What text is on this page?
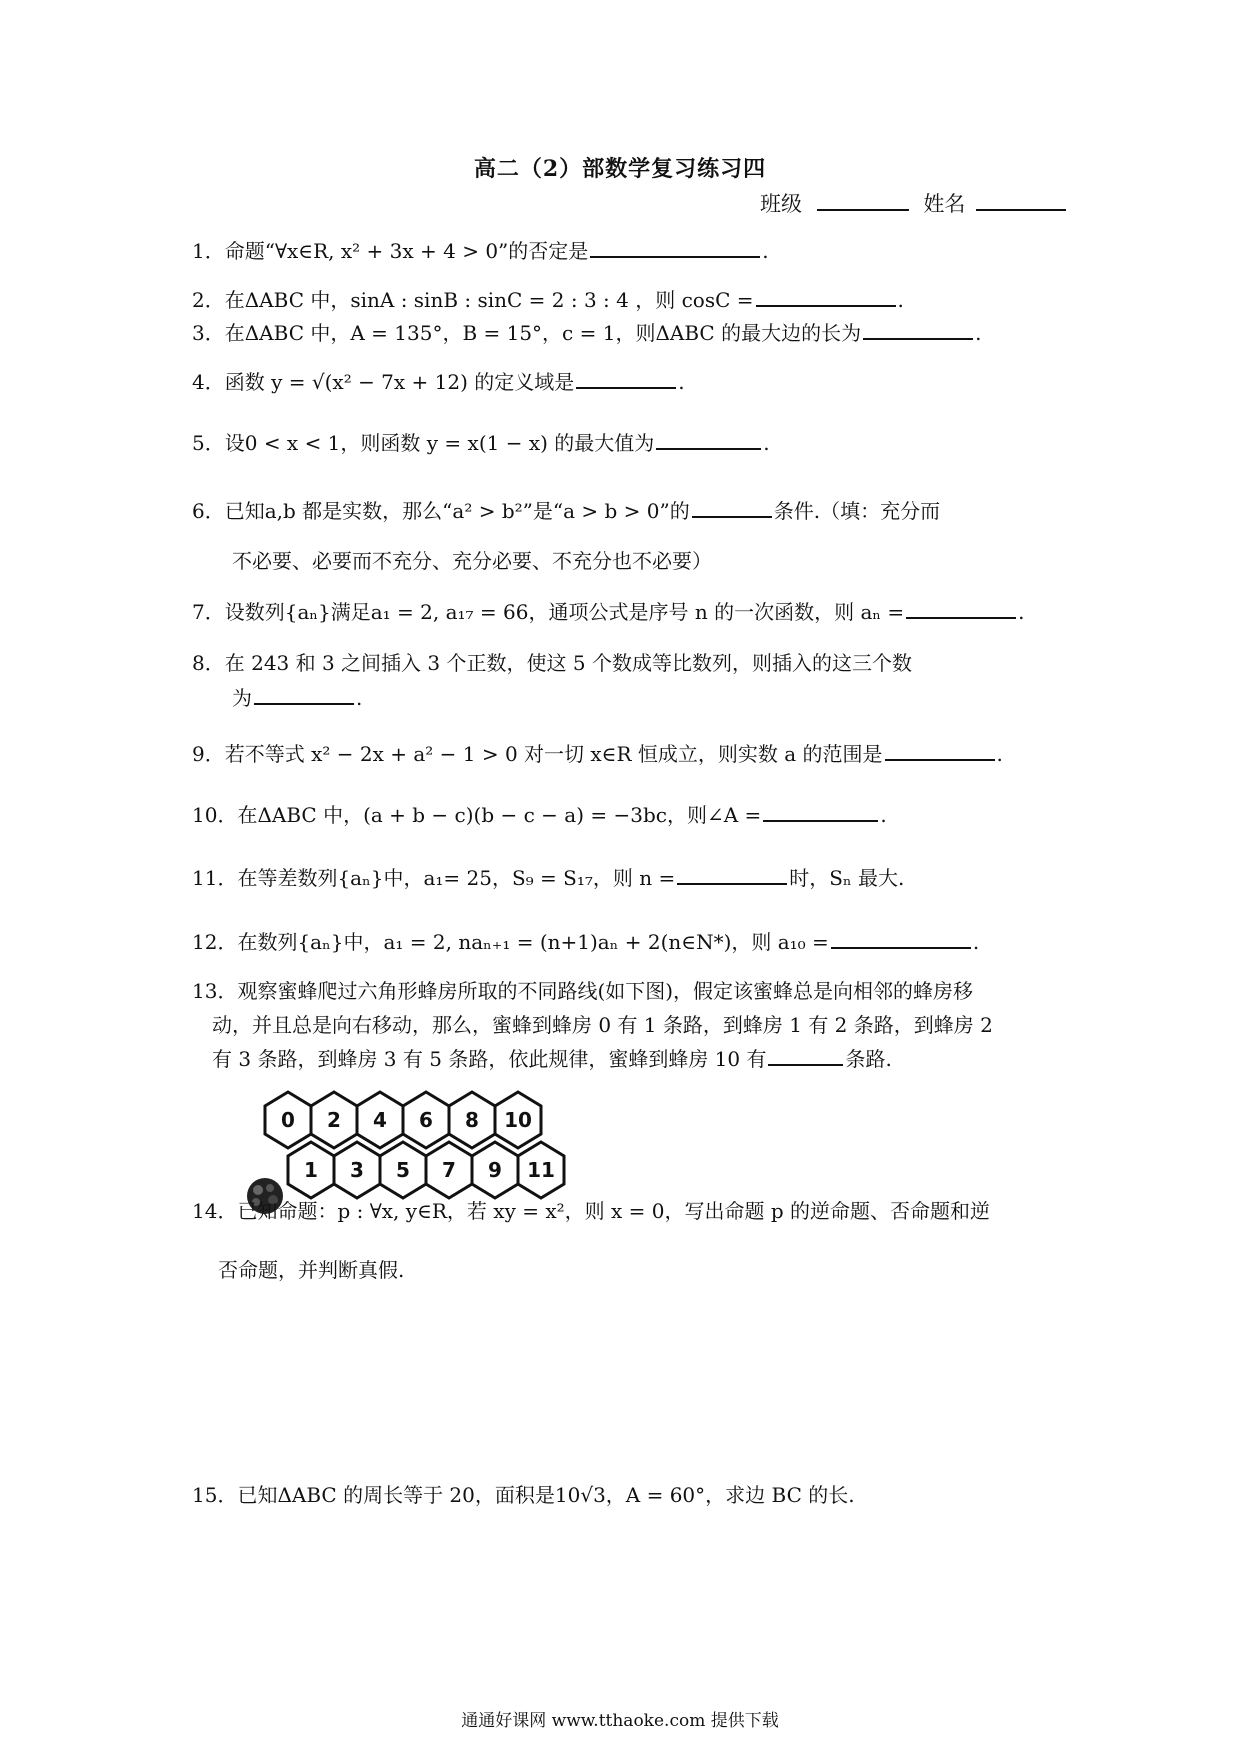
高二（2）部数学复习练习四
班级	姓名
1．命题“∀x∈R, x² + 3x + 4 > 0”的否定是	.
2．在ΔABC 中，sinA : sinB : sinC = 2 : 3 : 4 ，则 cosC =	.
3．在ΔABC 中，A = 135°，B = 15°，c = 1，则ΔABC 的最大边的长为	.
4．函数 y = √(x² − 7x + 12) 的定义域是	.
5．设0 < x < 1，则函数 y = x(1 − x) 的最大值为	.
6．已知a,b 都是实数，那么“a² > b²”是“a > b > 0”的	条件.（填：充分而
不必要、必要而不充分、充分必要、不充分也不必要）
7．设数列{aₙ}满足a₁ = 2, a₁₇ = 66，通项公式是序号 n 的一次函数，则 aₙ =	.
8．在 243 和 3 之间插入 3 个正数，使这 5 个数成等比数列，则插入的这三个数
为	.
9．若不等式 x² − 2x + a² − 1 > 0 对一切 x∈R 恒成立，则实数 a 的范围是	.
10．在ΔABC 中，(a + b − c)(b − c − a) = −3bc，则∠A =	.
11．在等差数列{aₙ}中，a₁= 25，S₉ = S₁₇，则 n =	时，Sₙ 最大.
12．在数列{aₙ}中，a₁ = 2, naₙ₊₁ = (n+1)aₙ + 2(n∈N*)，则 a₁₀ =	.
13．观察蜜蜂爬过六角形蜂房所取的不同路线(如下图)，假定该蜜蜂总是向相邻的蜂房移
动，并且总是向右移动，那么，蜜蜂到蜂房 0 有 1 条路，到蜂房 1 有 2 条路，到蜂房 2
有 3 条路，到蜂房 3 有 5 条路，依此规律，蜜蜂到蜂房 10 有	条路.
0 2 4 6 8 10
1 3 5 7 9 11
14．已知命题：p : ∀x, y∈R，若 xy = x²，则 x = 0，写出命题 p 的逆命题、否命题和逆
否命题，并判断真假.
15．已知ΔABC 的周长等于 20，面积是10√3，A = 60°，求边 BC 的长.
通通好课网 www.tthaoke.com 提供下载
